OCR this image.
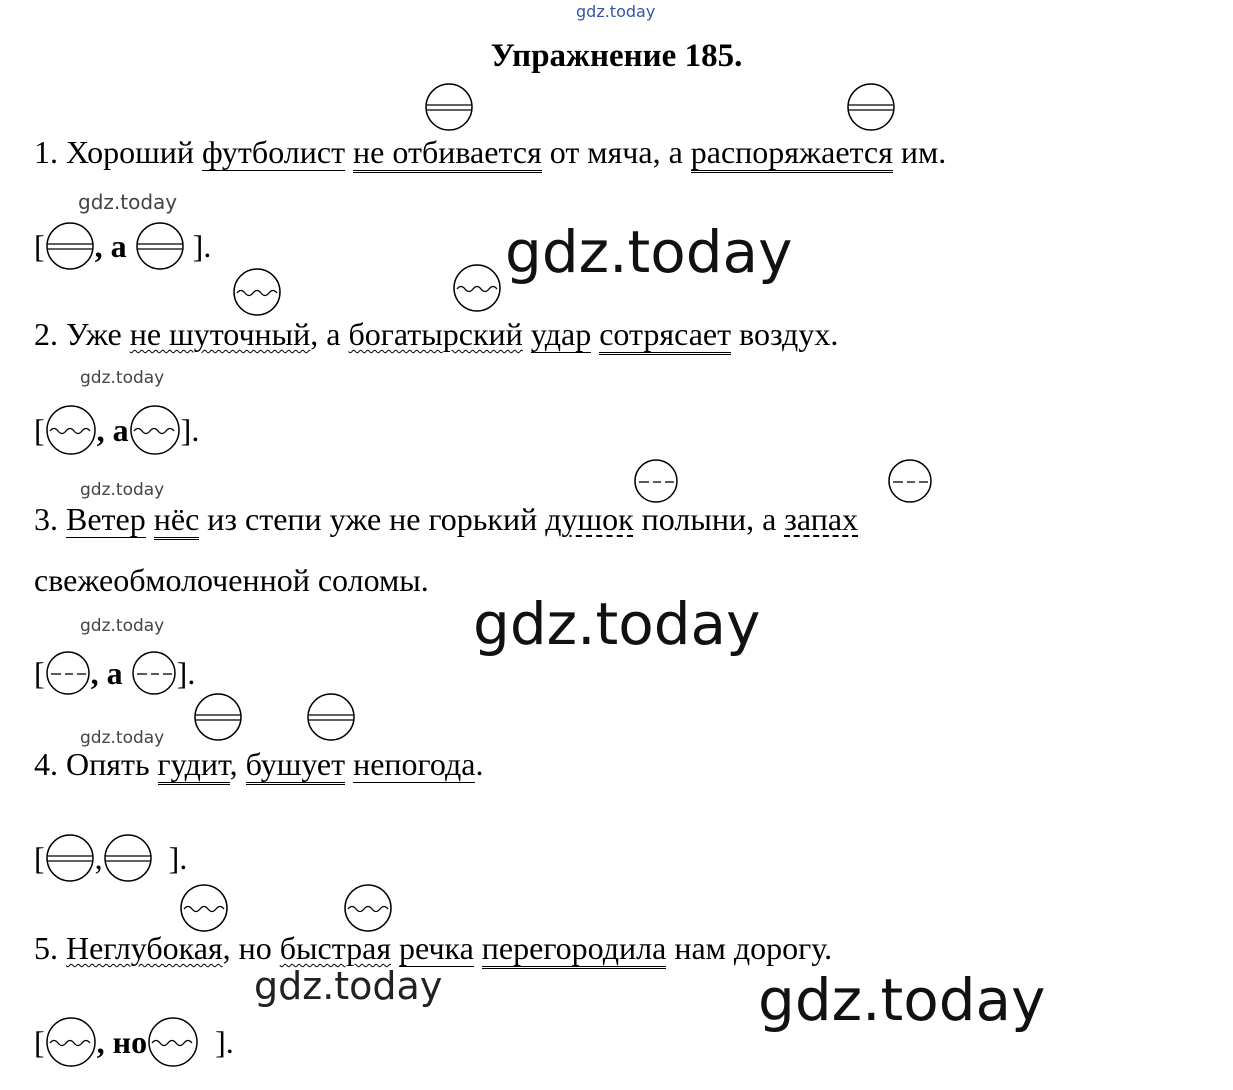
gdz.today
Упражнение 185.
1. Хороший футболист не отбивается от мяча, а распоряжается им.
gdz.today
[ , а

].	gdz.today
2. Уже не шуточный, а богатырский удар сотрясает воздух.
gdz.today
[ , а ].
gdz.today
3. Ветер нёс из степи уже не горький душок полыни, а запах
свежеобмолоченной соломы.
gdz.today
gdz.today
[ , а
].
gdz.today
4. Опять гудит, бушует непогода.
[ ,
].
5. Неглубокая, но быстрая речка перегородила нам дорогу.
gdz.today	gdz.today
[ , но
].
